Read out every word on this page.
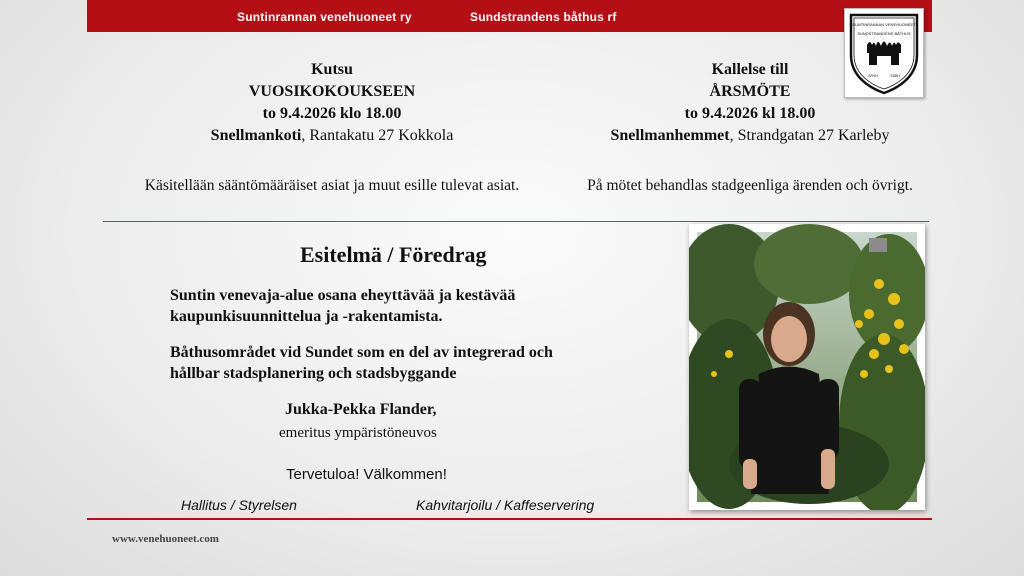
Suntinrannan venehuoneet ry	Sundstrandens båthus rf
SUNTINRANNAN VENEHUONEET
SUNDSTRANDENS BÅTHUS
SRVH	SSBH
Kutsu
VUOSIKOKOUKSEEN
to 9.4.2026 klo 18.00
Snellmankoti, Rantakatu 27 Kokkola
Kallelse till
ÅRSMÖTE
to 9.4.2026 kl 18.00
Snellmanhemmet, Strandgatan 27 Karleby
Käsitellään sääntömääräiset asiat ja muut esille tulevat asiat.	På mötet behandlas stadgeenliga ärenden och övrigt.
Esitelmä / Föredrag
Suntin venevaja-alue osana eheyttävää ja kestävää
kaupunkisuunnittelua ja -rakentamista.
Båthusområdet vid Sundet som en del av integrerad och
hållbar stadsplanering och stadsbyggande
Jukka-Pekka Flander,
emeritus ympäristöneuvos
Tervetuloa! Välkommen!
Hallitus / Styrelsen	Kahvitarjoilu / Kaffeservering
www.venehuoneet.com
